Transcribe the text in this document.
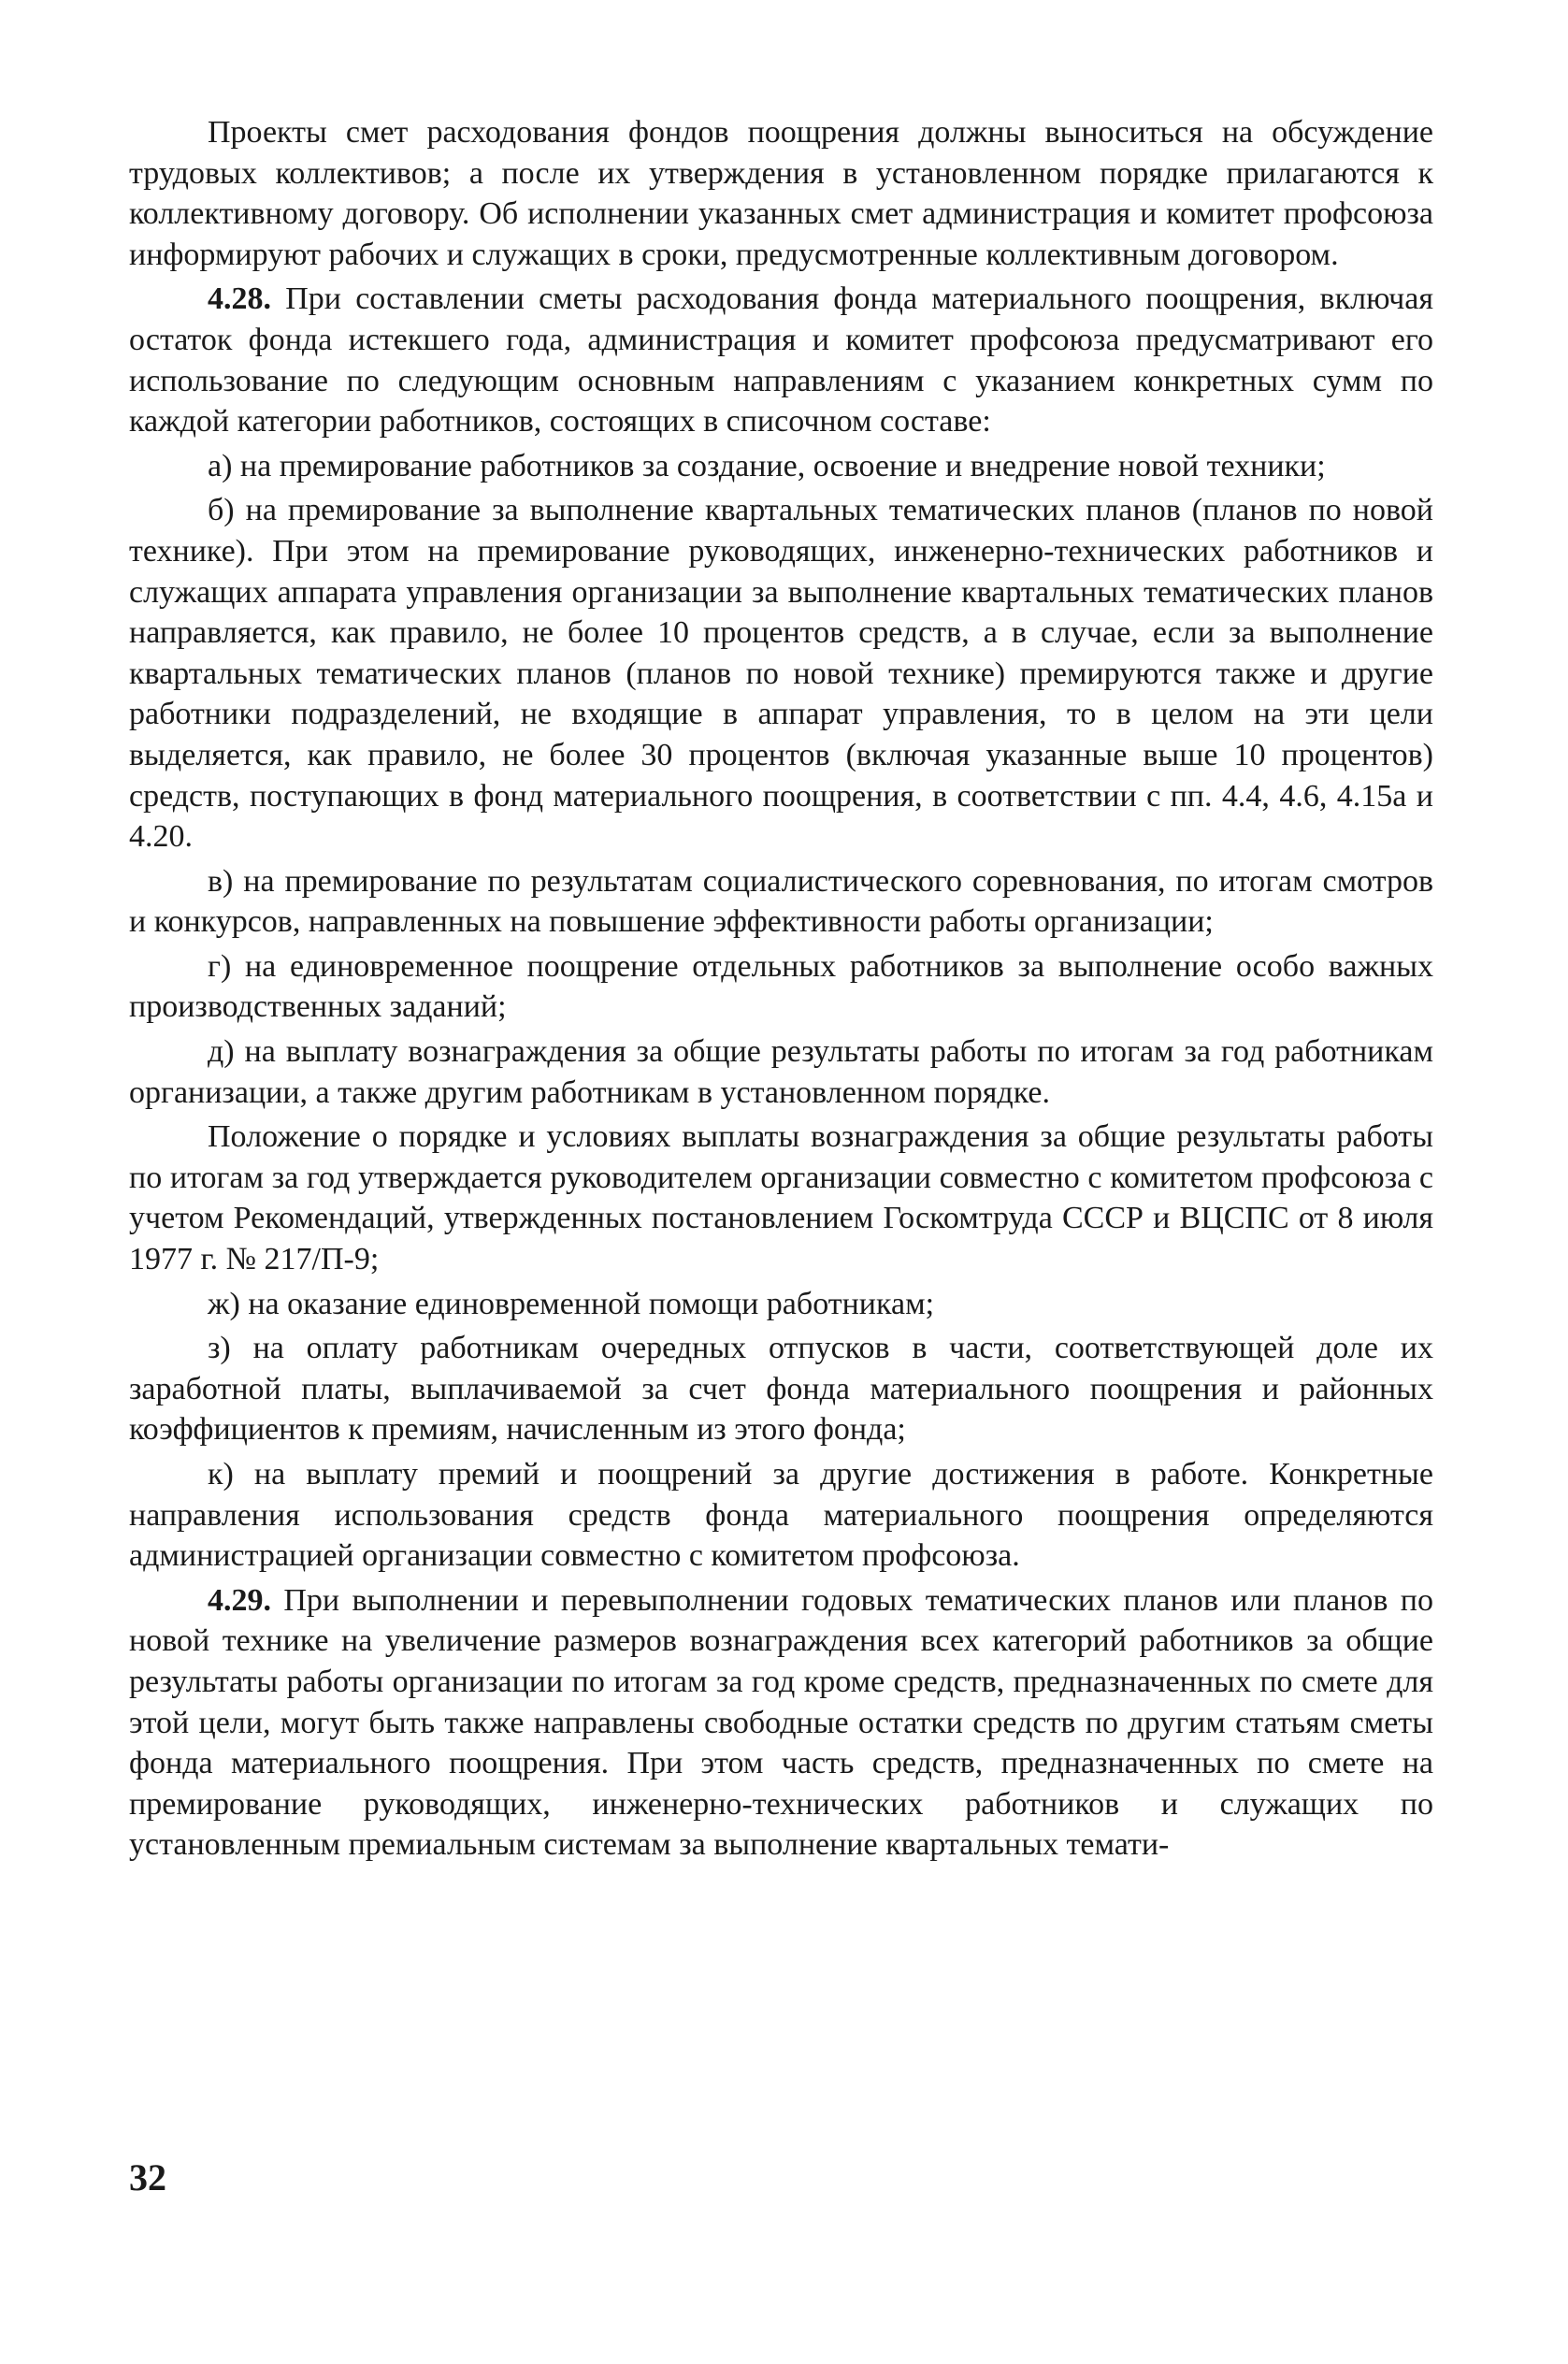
Проекты смет расходования фондов поощрения должны выноситься на обсуждение трудовых коллективов; а после их утверждения в установленном порядке прилагаются к коллективному договору. Об исполнении указанных смет администрация и комитет профсоюза информируют рабочих и служащих в сроки, предусмотренные коллективным договором.

4.28. При составлении сметы расходования фонда материального поощрения, включая остаток фонда истекшего года, администрация и комитет профсоюза предусматривают его использование по следующим основным направлениям с указанием конкретных сумм по каждой категории работников, состоящих в списочном составе:

а) на премирование работников за создание, освоение и внедрение новой техники;

б) на премирование за выполнение квартальных тематических планов (планов по новой технике). При этом на премирование руководящих, инженерно-технических работников и служащих аппарата управления организации за выполнение квартальных тематических планов направляется, как правило, не более 10 процентов средств, а в случае, если за выполнение квартальных тематических планов (планов по новой технике) премируются также и другие работники подразделений, не входящие в аппарат управления, то в целом на эти цели выделяется, как правило, не более 30 процентов (включая указанные выше 10 процентов) средств, поступающих в фонд материального поощрения, в соответствии с пп. 4.4, 4.6, 4.15а и 4.20.

в) на премирование по результатам социалистического соревнования, по итогам смотров и конкурсов, направленных на повышение эффективности работы организации;

г) на единовременное поощрение отдельных работников за выполнение особо важных производственных заданий;

д) на выплату вознаграждения за общие результаты работы по итогам за год работникам организации, а также другим работникам в установленном порядке.

Положение о порядке и условиях выплаты вознаграждения за общие результаты работы по итогам за год утверждается руководителем организации совместно с комитетом профсоюза с учетом Рекомендаций, утвержденных постановлением Госкомтруда СССР и ВЦСПС от 8 июля 1977 г. № 217/П-9;

ж) на оказание единовременной помощи работникам;

з) на оплату работникам очередных отпусков в части, соответствующей доле их заработной платы, выплачиваемой за счет фонда материального поощрения и районных коэффициентов к премиям, начисленным из этого фонда;

к) на выплату премий и поощрений за другие достижения в работе. Конкретные направления использования средств фонда материального поощрения определяются администрацией организации совместно с комитетом профсоюза.

4.29. При выполнении и перевыполнении годовых тематических планов или планов по новой технике на увеличение размеров вознаграждения всех категорий работников за общие результаты работы организации по итогам за год кроме средств, предназначенных по смете для этой цели, могут быть также направлены свободные остатки средств по другим статьям сметы фонда материального поощрения. При этом часть средств, предназначенных по смете на премирование руководящих, инженерно-технических работников и служащих по установленным премиальным системам за выполнение квартальных темати-

32
